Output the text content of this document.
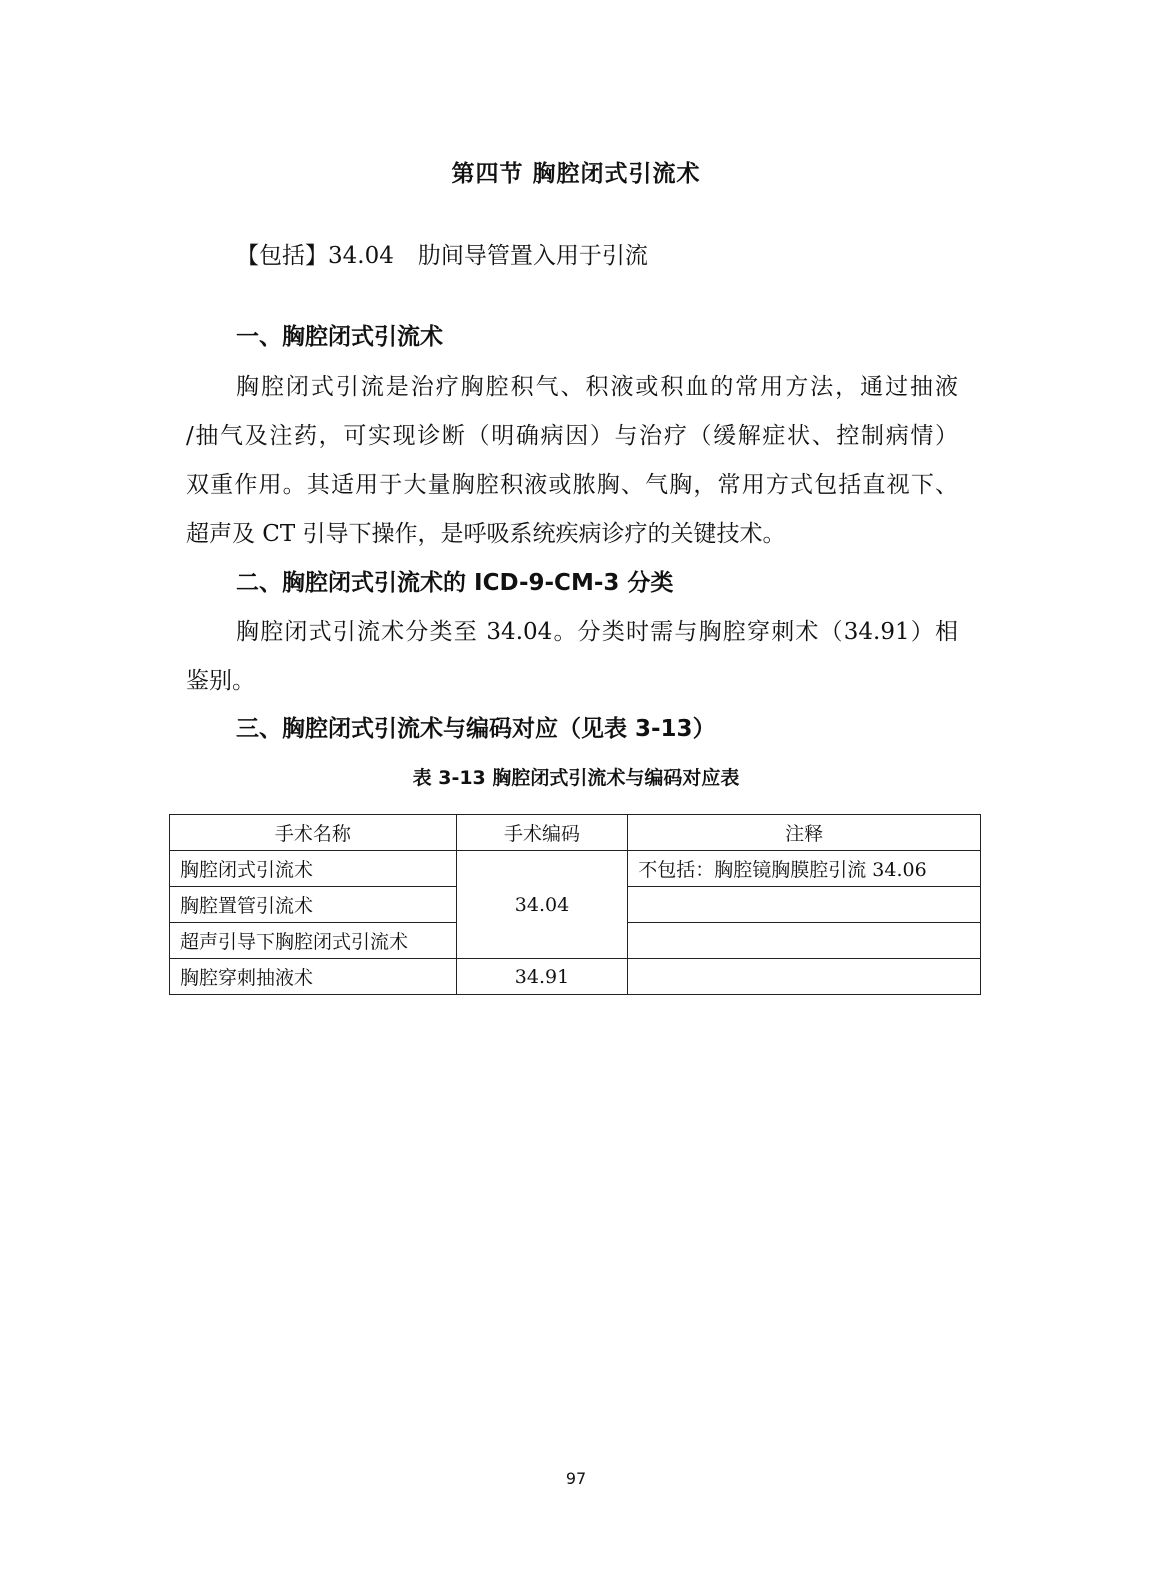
第四节 胸腔闭式引流术
【包括】34.04 肋间导管置入用于引流
一、胸腔闭式引流术
胸腔闭式引流是治疗胸腔积气、积液或积血的常用方法，通过抽液
/抽气及注药，可实现诊断（明确病因）与治疗（缓解症状、控制病情）
双重作用。其适用于大量胸腔积液或脓胸、气胸，常用方式包括直视下、
超声及 CT 引导下操作，是呼吸系统疾病诊疗的关键技术。
二、胸腔闭式引流术的 ICD-9-CM-3 分类
胸腔闭式引流术分类至 34.04。分类时需与胸腔穿刺术（34.91）相
鉴别。
三、胸腔闭式引流术与编码对应（见表 3-13）
表 3-13 胸腔闭式引流术与编码对应表
手术名称	手术编码	注释
胸腔闭式引流术	34.04	不包括：胸腔镜胸膜腔引流 34.06
胸腔置管引流术		
超声引导下胸腔闭式引流术		
胸腔穿刺抽液术	34.91	
97
